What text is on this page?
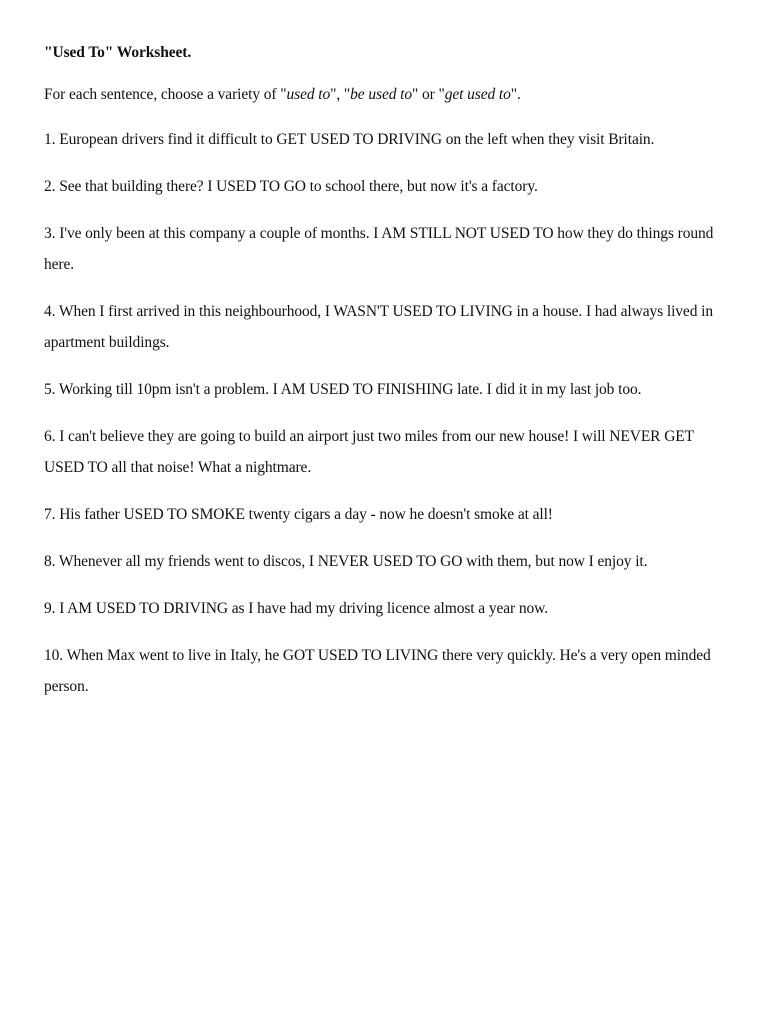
"Used To" Worksheet.
For each sentence, choose a variety of "used to", "be used to" or "get used to".
1. European drivers find it difficult to GET USED TO DRIVING on the left when they visit Britain.
2. See that building there? I USED TO GO to school there, but now it's a factory.
3. I've only been at this company a couple of months. I AM STILL NOT USED TO how they do things round here.
4. When I first arrived in this neighbourhood, I WASN'T USED TO LIVING in a house. I had always lived in apartment buildings.
5. Working till 10pm isn't a problem. I AM USED TO FINISHING late. I did it in my last job too.
6. I can't believe they are going to build an airport just two miles from our new house! I will NEVER GET USED TO all that noise! What a nightmare.
7. His father USED TO SMOKE twenty cigars a day - now he doesn't smoke at all!
8. Whenever all my friends went to discos, I NEVER USED TO GO with them, but now I enjoy it.
9. I AM USED TO DRIVING as I have had my driving licence almost a year now.
10. When Max went to live in Italy, he GOT USED TO LIVING there very quickly. He's a very open minded person.
